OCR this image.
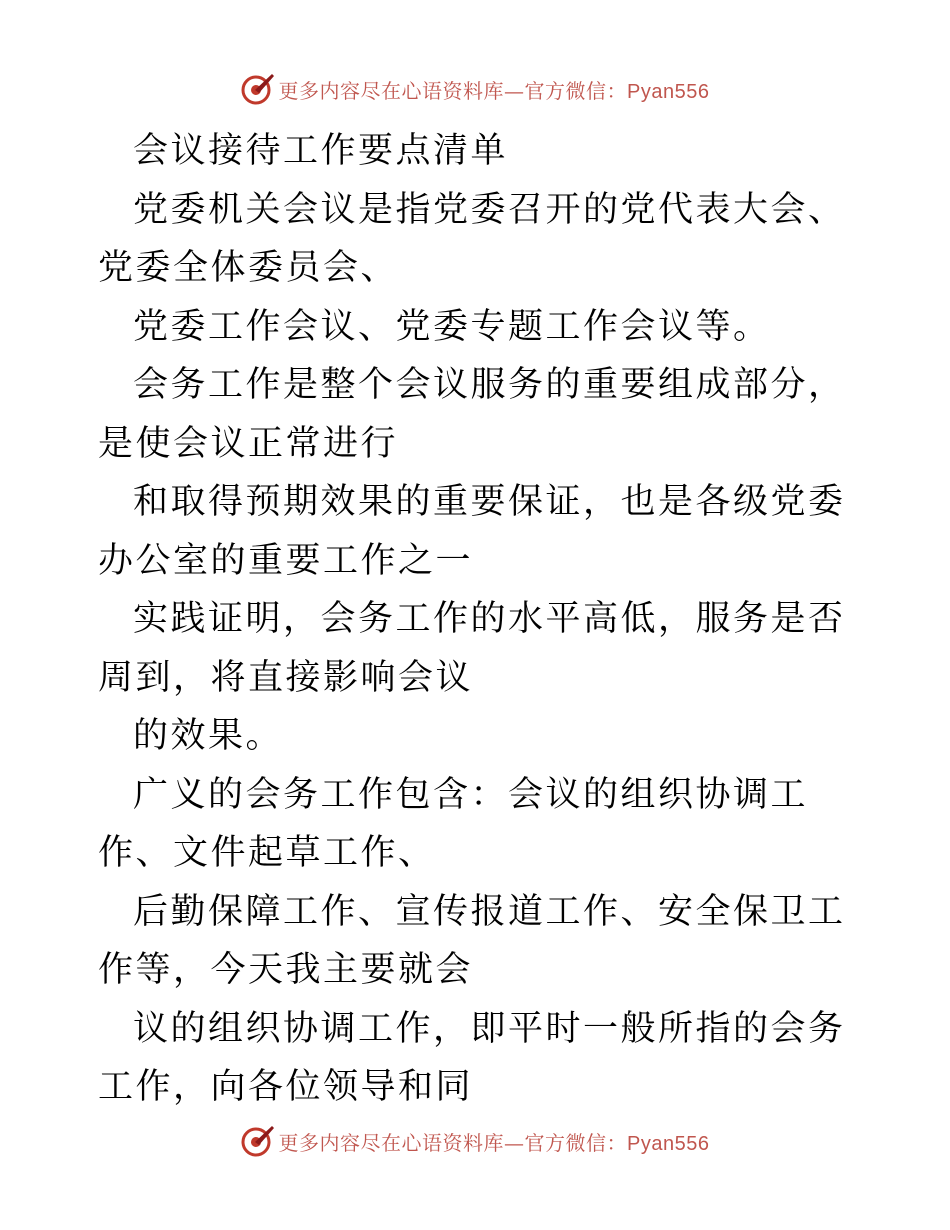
更多内容尽在心语资料库—官方微信：Pyan556

会议接待工作要点清单

党委机关会议是指党委召开的党代表大会、党委全体委员会、

党委工作会议、党委专题工作会议等。

会务工作是整个会议服务的重要组成部分，是使会议正常进行

和取得预期效果的重要保证，也是各级党委办公室的重要工作之一

实践证明，会务工作的水平高低，服务是否周到，将直接影响会议

的效果。

广义的会务工作包含：会议的组织协调工作、文件起草工作、

后勤保障工作、宣传报道工作、安全保卫工作等，今天我主要就会

议的组织协调工作，即平时一般所指的会务工作，向各位领导和同

更多内容尽在心语资料库—官方微信：Pyan556
